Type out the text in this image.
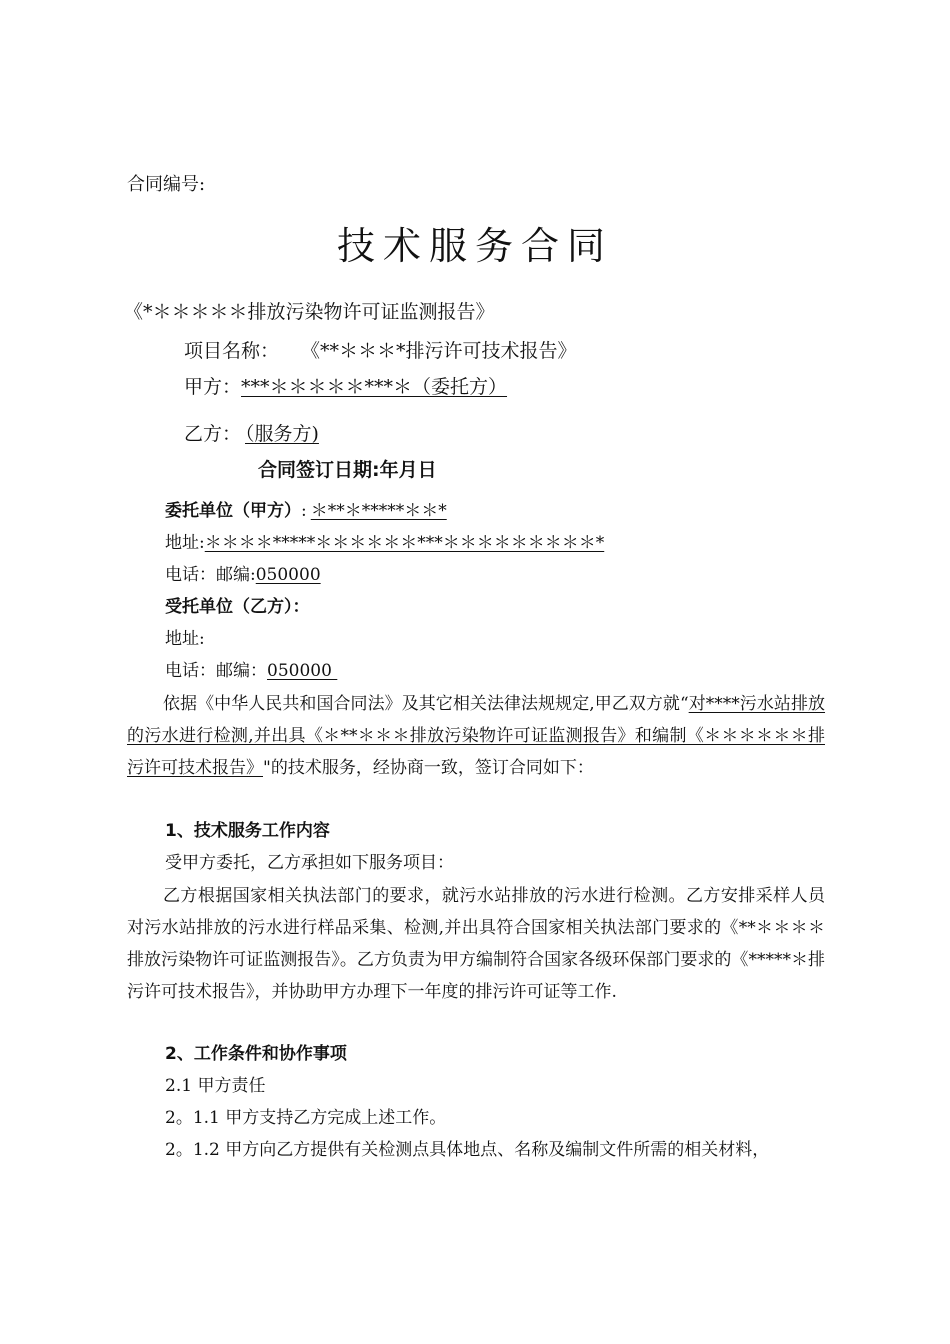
合同编号:
技术服务合同
《*＊＊＊＊＊排放污染物许可证监测报告》
项目名称： 《**＊＊＊*排污许可技术报告》
甲方：***＊＊＊＊＊***＊（委托方）
乙方： （服务方)
合同签订日期:年月日
委托单位（甲方）: ＊**＊*****＊＊*
地址:＊＊＊＊*****＊＊＊＊＊＊***＊＊＊＊＊＊＊＊＊*
电话：邮编:050000
受托单位（乙方）：
地址:
电话：邮编：050000
依据《中华人民共和国合同法》及其它相关法律法规规定,甲乙双方就“对****污水站排放的污水进行检测,并出具《＊**＊＊＊排放污染物许可证监测报告》和编制《＊＊＊＊＊＊排污许可技术报告》"的技术服务，经协商一致，签订合同如下：
1、技术服务工作内容
受甲方委托，乙方承担如下服务项目：
乙方根据国家相关执法部门的要求，就污水站排放的污水进行检测。乙方安排采样人员对污水站排放的污水进行样品采集、检测,并出具符合国家相关执法部门要求的《**＊＊＊＊排放污染物许可证监测报告》。乙方负责为甲方编制符合国家各级环保部门要求的《*****＊排污许可技术报告》，并协助甲方办理下一年度的排污许可证等工作.
2、工作条件和协作事项
2.1 甲方责任
2。1.1 甲方支持乙方完成上述工作。
2。1.2 甲方向乙方提供有关检测点具体地点、名称及编制文件所需的相关材料，
